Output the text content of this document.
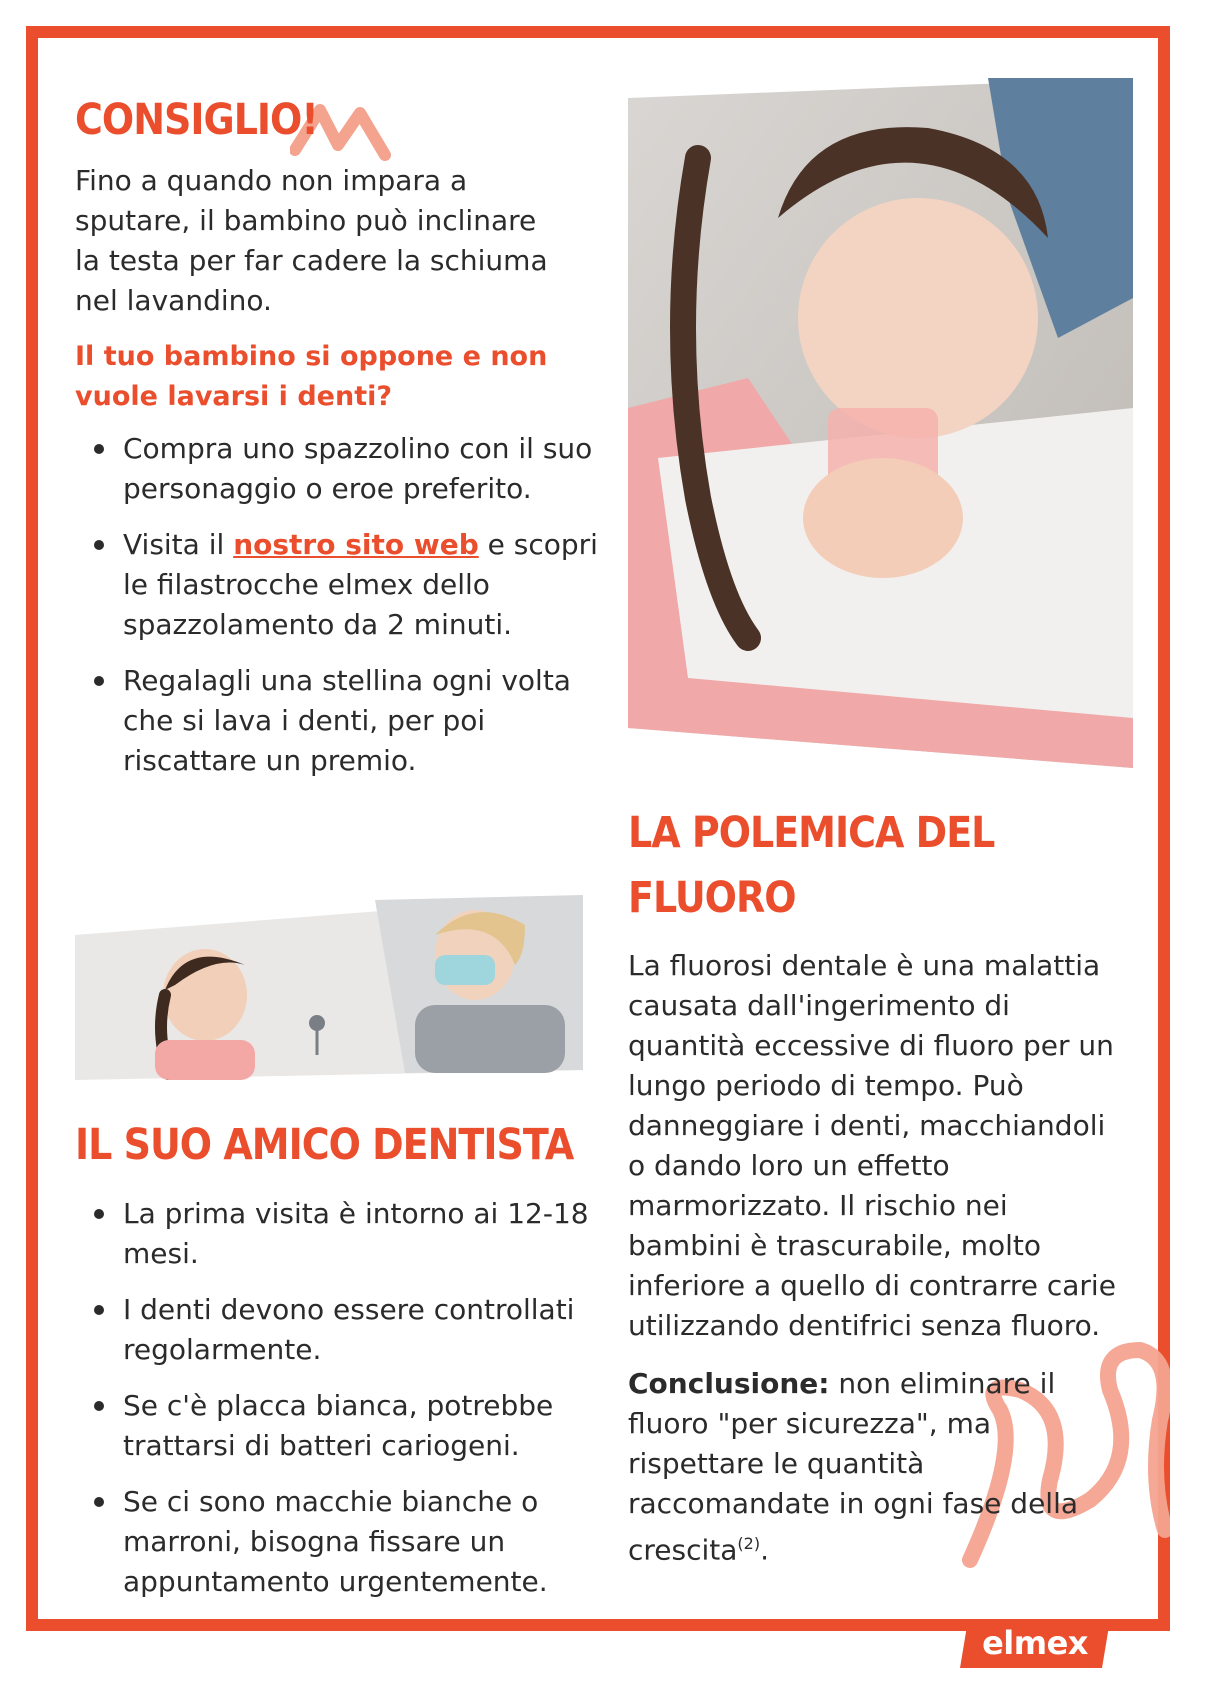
CONSIGLIO!

Fino a quando non impara a sputare, il bambino può inclinare la testa per far cadere la schiuma nel lavandino.

Il tuo bambino si oppone e non vuole lavarsi i denti?

Compra uno spazzolino con il suo personaggio o eroe preferito.
Visita il nostro sito web e scopri le filastrocche elmex dello spazzolamento da 2 minuti.
Regalagli una stellina ogni volta che si lava i denti, per poi riscattare un premio.
IL SUO AMICO DENTISTA
La prima visita è intorno ai 12-18 mesi.
I denti devono essere controllati regolarmente.
Se c'è placca bianca, potrebbe trattarsi di batteri cariogeni.
Se ci sono macchie bianche o marroni, bisogna fissare un appuntamento urgentemente.
LA POLEMICA DEL
FLUORO

La fluorosi dentale è una malattia causata dall'ingerimento di quantità eccessive di fluoro per un lungo periodo di tempo. Può danneggiare i denti, macchiandoli o dando loro un effetto marmorizzato. Il rischio nei bambini è trascurabile, molto inferiore a quello di contrarre carie utilizzando dentifrici senza fluoro.

Conclusione: non eliminare il fluoro "per sicurezza", ma rispettare le quantità raccomandate in ogni fase della crescita$^{(2)}$.

elmex
